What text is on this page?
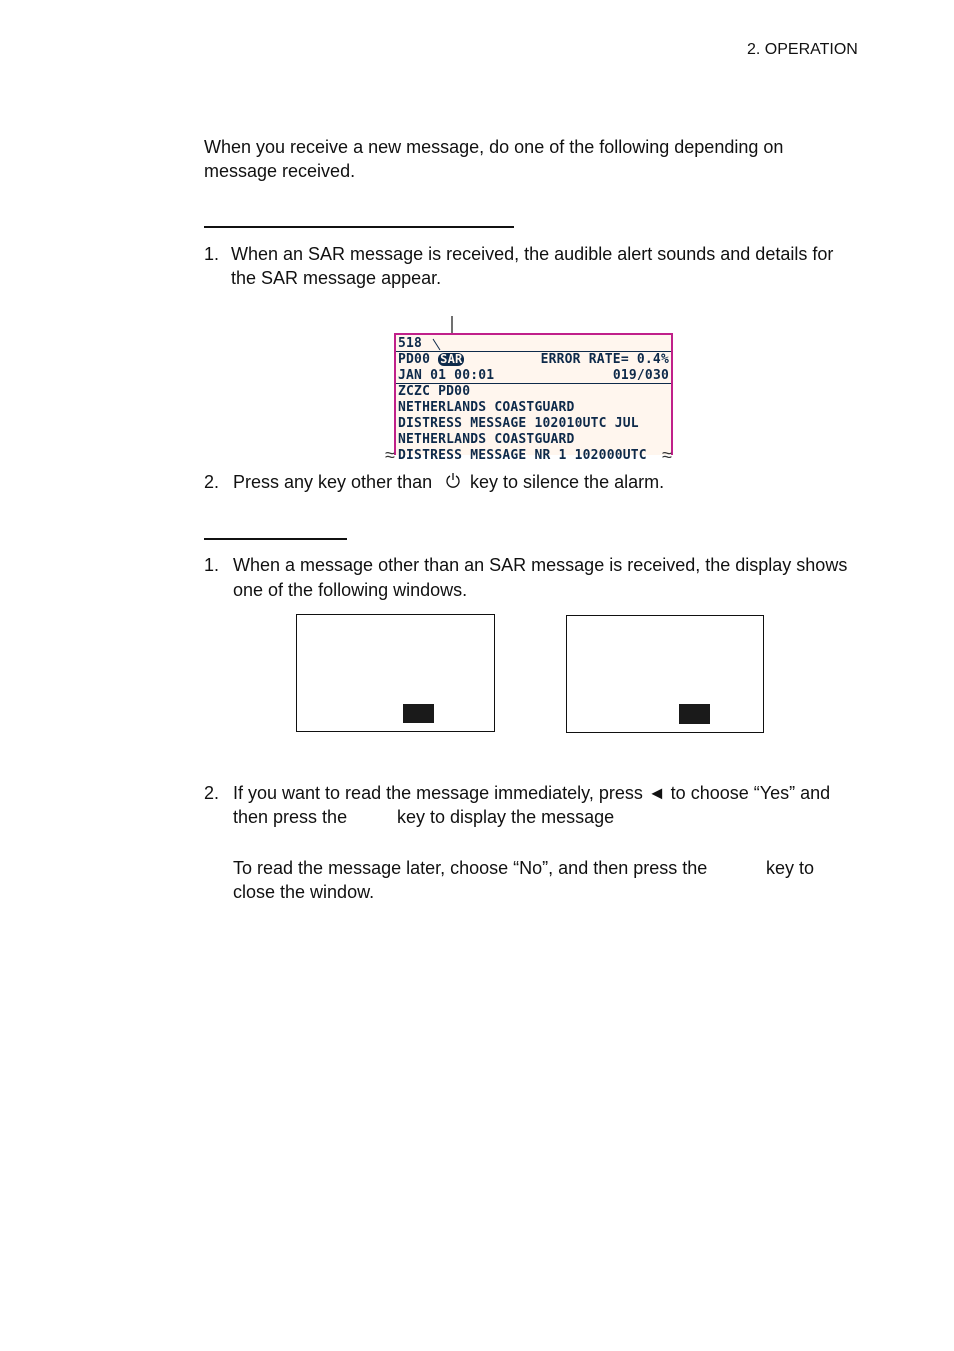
2. OPERATION
When you receive a new message, do one of the following depending on
message received.
1. When an SAR message is received, the audible alert sounds and details for
the SAR message appear.
518
PD00 SAR	ERROR RATE= 0.4%
JAN 01 00:01	019/030
ZCZC PD00
NETHERLANDS COASTGUARD
DISTRESS MESSAGE 102010UTC JUL
NETHERLANDS COASTGUARD
DISTRESS MESSAGE NR 1 102000UTC
≈	≈
2. Press any key other than key to silence the alarm.
1. When a message other than an SAR message is received, the display shows
one of the following windows.
2. If you want to read the message immediately, press ◄ to choose “Yes” and
then press the	key to display the message
To read the message later, choose “No”, and then press the	key to
close the window.
